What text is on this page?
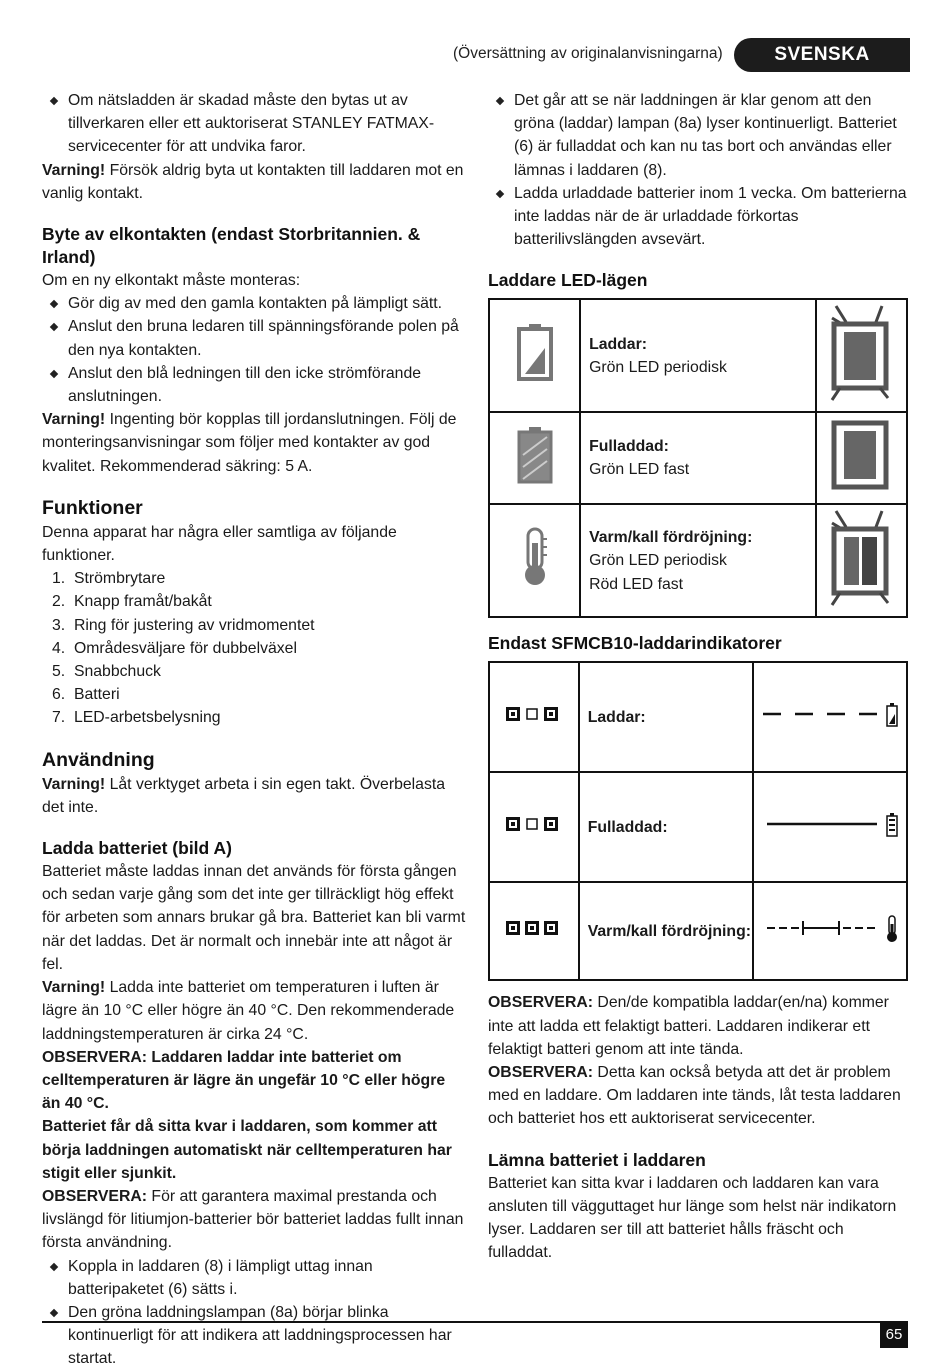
(Översättning av originalanvisningarna)	SVENSKA
Om nätsladden är skadad måste den bytas ut av tillverkaren eller ett auktoriserat STANLEY FATMAX-servicecenter för att undvika faror.

Varning! Försök aldrig byta ut kontakten till laddaren mot en vanlig kontakt.

Byte av elkontakten (endast Storbritannien. & Irland)

Om en ny elkontakt måste monteras:

Gör dig av med den gamla kontakten på lämpligt sätt.
Anslut den bruna ledaren till spänningsförande polen på den nya kontakten.
Anslut den blå ledningen till den icke strömförande anslutningen.

Varning! Ingenting bör kopplas till jordanslutningen. Följ de monteringsanvisningar som följer med kontakter av god kvalitet. Rekommenderad säkring: 5 A.

Funktioner

Denna apparat har några eller samtliga av följande funktioner.

1.  Strömbrytare
2.  Knapp framåt/bakåt
3.  Ring för justering av vridmomentet
4.  Områdesväljare för dubbelväxel
5.  Snabbchuck
6.  Batteri
7.  LED-arbetsbelysning
Användning

Varning! Låt verktyget arbeta i sin egen takt. Överbelasta det inte.

Ladda batteriet (bild A)

Batteriet måste laddas innan det används för första gången och sedan varje gång som det inte ger tillräckligt hög effekt för arbeten som annars brukar gå bra. Batteriet kan bli varmt när det laddas. Det är normalt och innebär inte att något är fel.

Varning! Ladda inte batteriet om temperaturen i luften är lägre än 10 °C eller högre än 40 °C. Den rekommenderade laddningstemperaturen är cirka 24 °C.

OBSERVERA: Laddaren laddar inte batteriet om celltemperaturen är lägre än ungefär 10 °C eller högre än 40 °C.

Batteriet får då sitta kvar i laddaren, som kommer att börja laddningen automatiskt när celltemperaturen har stigit eller sjunkit.

OBSERVERA: För att garantera maximal prestanda och livslängd för litiumjon-batterier bör batteriet laddas fullt innan första användning.

Koppla in laddaren (8) i lämpligt uttag innan batteripaketet (6) sätts i.
Den gröna laddningslampan (8a) börjar blinka kontinuerligt för att indikera att laddningsprocessen har startat.
Det går att se när laddningen är klar genom att den gröna (laddar) lampan (8a) lyser kontinuerligt. Batteriet (6) är fulladdat och kan nu tas bort och användas eller lämnas i laddaren (8).
Ladda urladdade batterier inom 1 vecka. Om batterierna inte laddas när de är urladdade förkortas batterilivslängden avsevärt.
Laddare LED-lägen

Laddar:
Grön LED periodisk

Fulladdad:
Grön LED fast

Varm/kall fördröjning:
Grön LED periodisk
Röd LED fast

Endast SFMCB10-laddarindikatorer

Laddar:

Fulladdad:

Varm/kall fördröjning:

OBSERVERA: Den/de kompatibla laddar(en/na) kommer inte att ladda ett felaktigt batteri. Laddaren indikerar ett felaktigt batteri genom att inte tända.

OBSERVERA: Detta kan också betyda att det är problem med en laddare. Om laddaren inte tänds, låt testa laddaren och batteriet hos ett auktoriserat servicecenter.

Lämna batteriet i laddaren

Batteriet kan sitta kvar i laddaren och laddaren kan vara ansluten till vägguttaget hur länge som helst när indikatorn lyser. Laddaren ser till att batteriet hålls fräscht och fulladdat.

65
